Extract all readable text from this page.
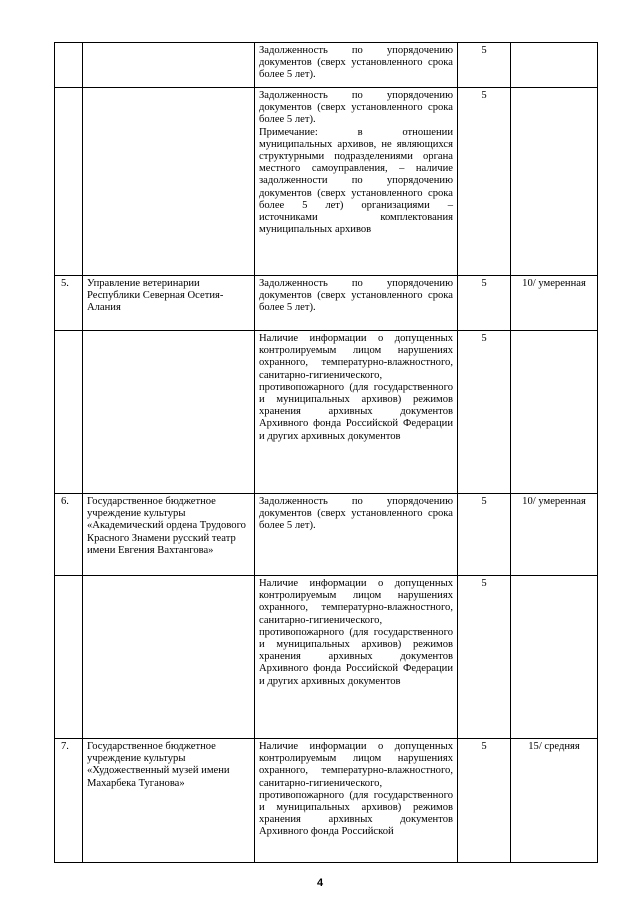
		Задолженность по упорядочению документов (сверх установленного срока более 5 лет).	5	

		Задолженность по упорядочению документов (сверх установленного срока более 5 лет).
Примечание: в отношении муниципальных архивов, не являющихся структурными подразделениями органа местного самоуправления, – наличие задолженности по упорядочению документов (сверх установленного срока более 5 лет) организациями – источниками комплектования муниципальных архивов	5	
5.	Управление ветеринарии Республики Северная Осетия-Алания	Задолженность по упорядочению документов (сверх установленного срока более 5 лет).	5	10/ умеренная
		Наличие информации о допущенных контролируемым лицом нарушениях охранного, температурно-влажностного, санитарно-гигиенического, противопожарного (для государственного и муниципальных архивов) режимов хранения архивных документов Архивного фонда Российской Федерации и других архивных документов	5	
6.	Государственное бюджетное учреждение культуры «Академический ордена Трудового Красного Знамени русский театр имени Евгения Вахтангова»	Задолженность по упорядочению документов (сверх установленного срока более 5 лет).	5	10/ умеренная
		Наличие информации о допущенных контролируемым лицом нарушениях охранного, температурно-влажностного, санитарно-гигиенического, противопожарного (для государственного и муниципальных архивов) режимов хранения архивных документов Архивного фонда Российской Федерации и других архивных документов	5	
7.	Государственное бюджетное учреждение культуры «Художественный музей имени Махарбека Туганова»	Наличие информации о допущенных контролируемым лицом нарушениях охранного, температурно-влажностного, санитарно-гигиенического, противопожарного (для государственного и муниципальных архивов) режимов хранения архивных документов Архивного фонда Российской	5	15/ средняя
4
